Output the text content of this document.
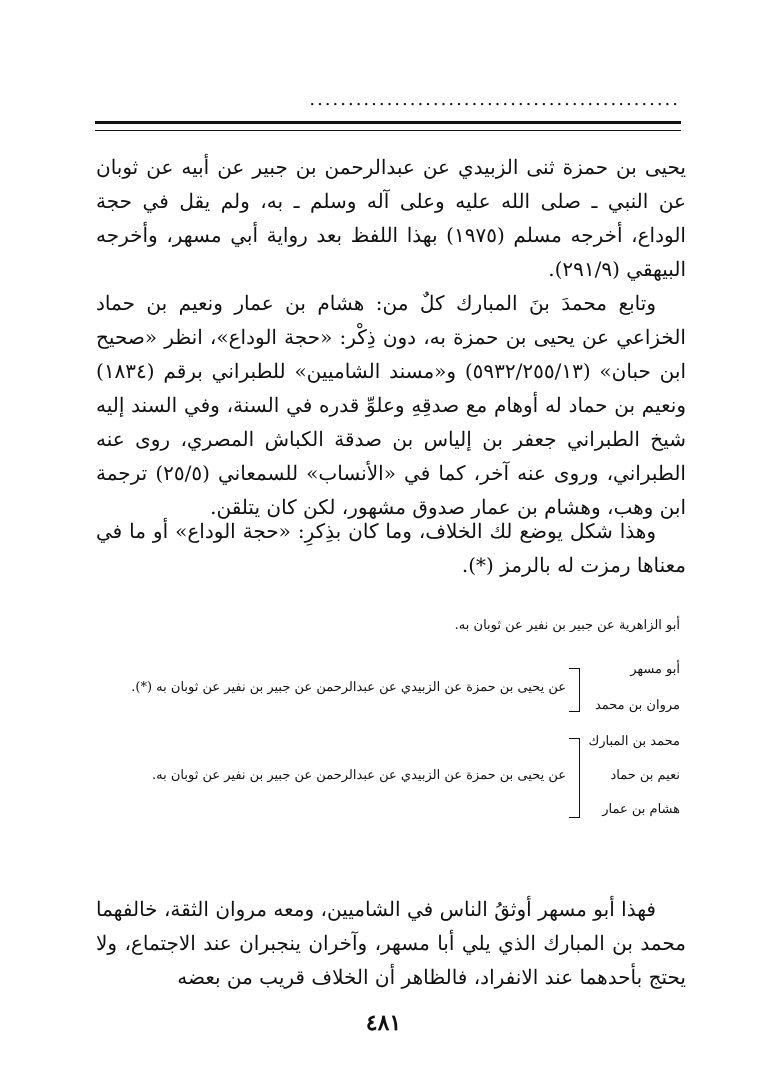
................................................

يحيى بن حمزة ثنى الزبيدي عن عبدالرحمن بن جبير عن أبيه عن ثوبان عن النبي ـ صلى الله عليه وعلى آله وسلم ـ به، ولم يقل في حجة الوداع، أخرجه مسلم (١٩٧٥) بهذا اللفظ بعد رواية أبي مسهر، وأخرجه البيهقي (٢٩١/٩).

وتابع محمدَ بنَ المبارك كلٌ من: هشام بن عمار ونعيم بن حماد الخزاعي عن يحيى بن حمزة به، دون ذِكْر: «حجة الوداع»، انظر «صحيح ابن حبان» (٥٩٣٢/٢٥٥/١٣) و«مسند الشاميين» للطبراني برقم (١٨٣٤) ونعيم بن حماد له أوهام مع صدقِهِ وعلوِّ قدره في السنة، وفي السند إليه شيخ الطبراني جعفر بن إلياس بن صدقة الكباش المصري، روى عنه الطبراني، وروى عنه آخر، كما في «الأنساب» للسمعاني (٢٥/٥) ترجمة ابن وهب، وهشام بن عمار صدوق مشهور، لكن كان يتلقن.

وهذا شكل يوضع لك الخلاف، وما كان بذِكرِ: «حجة الوداع» أو ما في معناها رمزت له بالرمز (*).

أبو الزاهرية عن جبير بن نفير عن ثوبان به.
أبو مسهر
مروان بن محمد
عن يحيى بن حمزة عن الزبيدي عن عبدالرحمن عن جبير بن نفير عن ثوبان به (*).
محمد بن المبارك
نعيم بن حماد
هشام بن عمار
عن يحيى بن حمزة عن الزبيدي عن عبدالرحمن عن جبير بن نفير عن ثوبان به.

فهذا أبو مسهر أوثقُ الناس في الشاميين، ومعه مروان الثقة، خالفهما محمد بن المبارك الذي يلي أبا مسهر، وآخران ينجبران عند الاجتماع، ولا يحتج بأحدهما عند الانفراد، فالظاهر أن الخلاف قريب من بعضه

٤٨١
